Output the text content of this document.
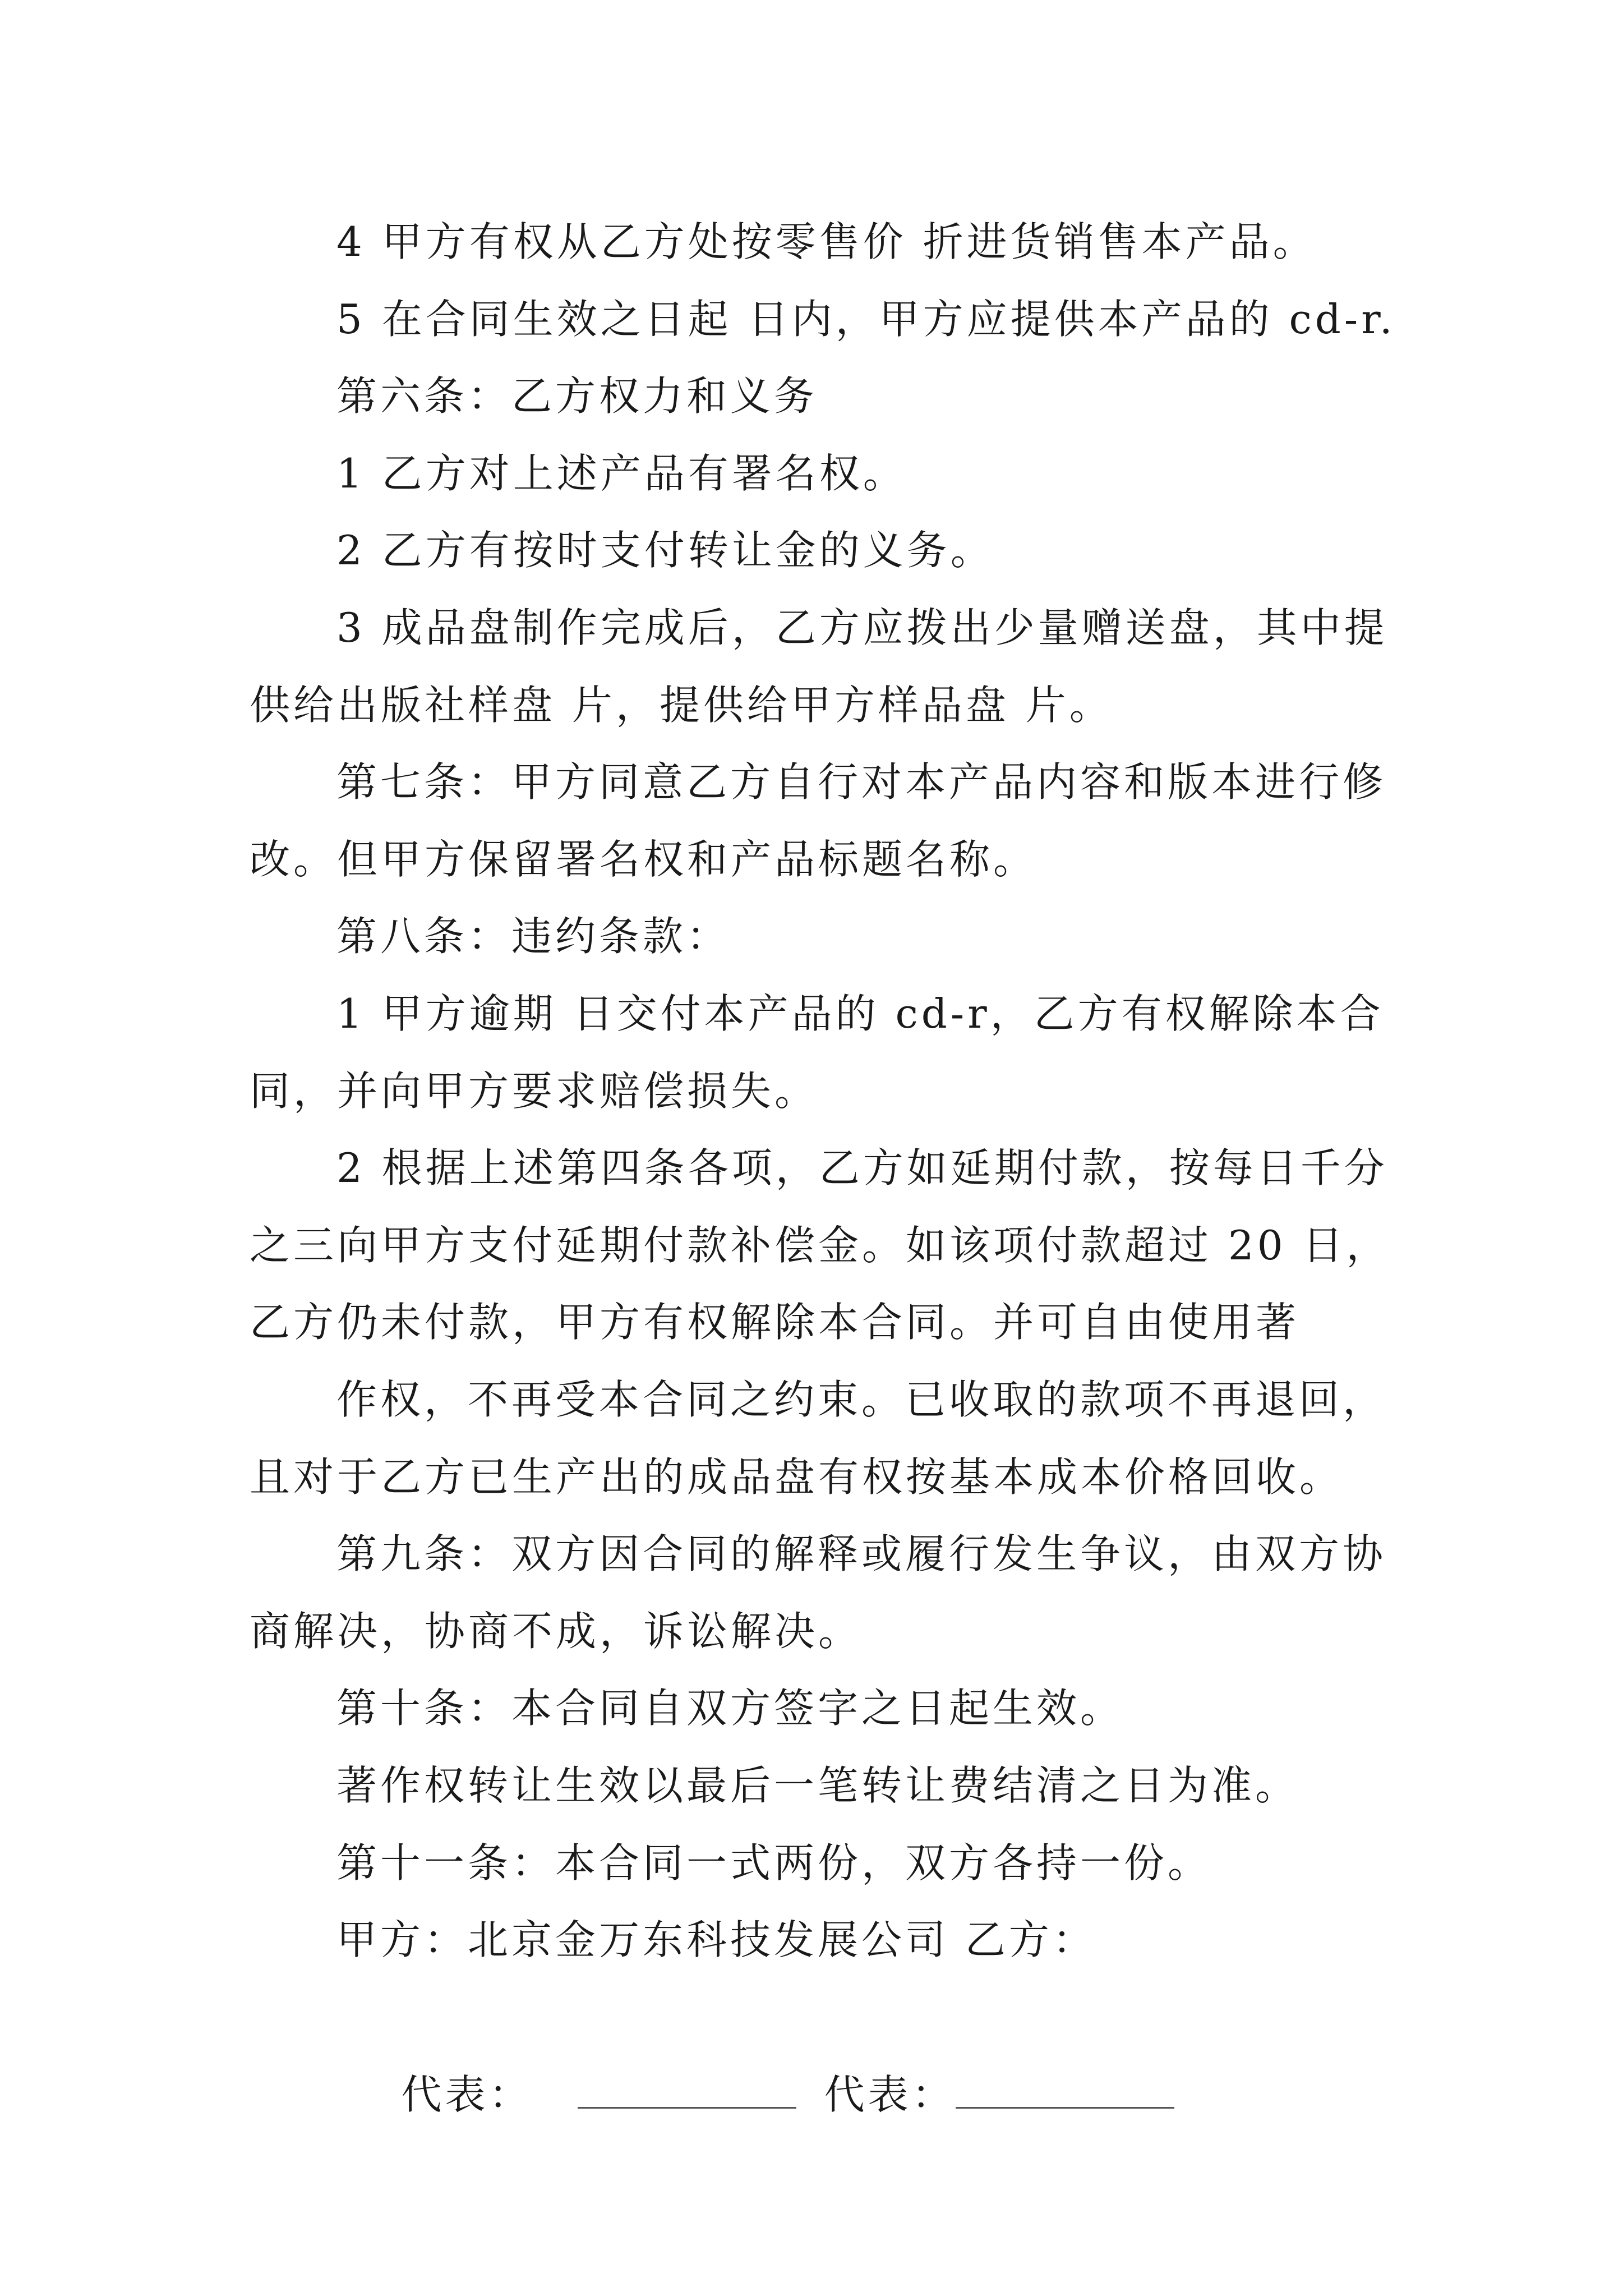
4 甲方有权从乙方处按零售价 折进货销售本产品。
5 在合同生效之日起 日内，甲方应提供本产品的 cd-r.
第六条：乙方权力和义务
1 乙方对上述产品有署名权。
2 乙方有按时支付转让金的义务。
3 成品盘制作完成后，乙方应拨出少量赠送盘，其中提
供给出版社样盘 片，提供给甲方样品盘 片。
第七条：甲方同意乙方自行对本产品内容和版本进行修
改。但甲方保留署名权和产品标题名称。
第八条：违约条款：
1 甲方逾期 日交付本产品的 cd-r，乙方有权解除本合
同，并向甲方要求赔偿损失。
2 根据上述第四条各项，乙方如延期付款，按每日千分
之三向甲方支付延期付款补偿金。如该项付款超过 20 日，
乙方仍未付款，甲方有权解除本合同。并可自由使用著
作权，不再受本合同之约束。已收取的款项不再退回，
且对于乙方已生产出的成品盘有权按基本成本价格回收。
第九条：双方因合同的解释或履行发生争议，由双方协
商解决，协商不成，诉讼解决。
第十条：本合同自双方签字之日起生效。
著作权转让生效以最后一笔转让费结清之日为准。
第十一条：本合同一式两份，双方各持一份。
甲方：北京金万东科技发展公司 乙方：

代表：	代表：
